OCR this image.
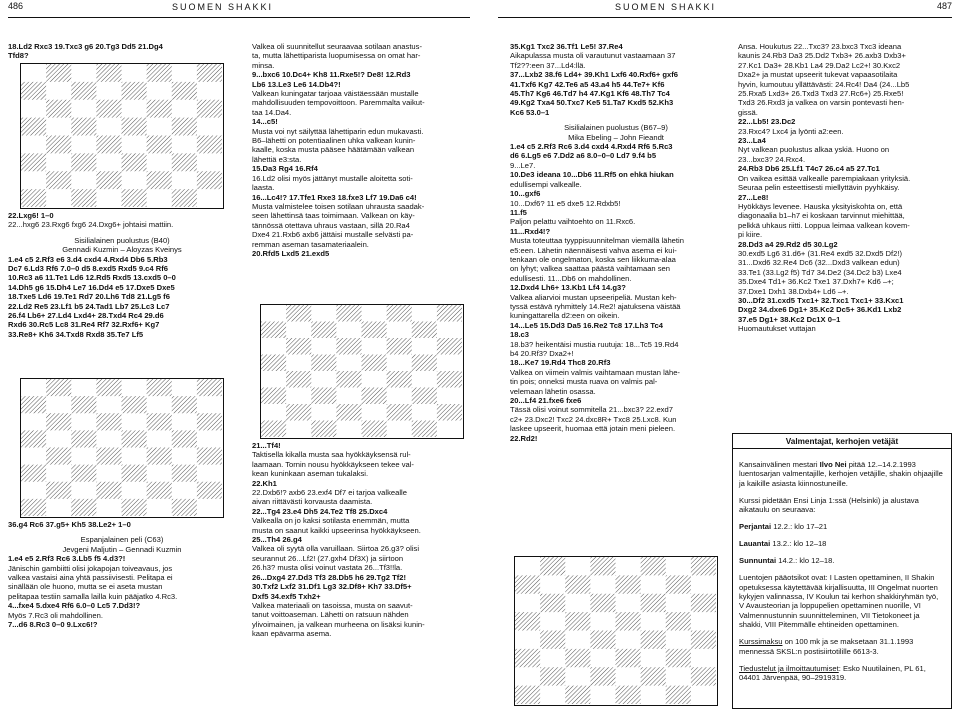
486	SUOMEN SHAKKI	SUOMEN SHAKKI	487

18.Ld2 Rxc3 19.Txc3 g6 20.Tg3 Dd5 21.Dg4

Tfd8?

22.Lxg6! 1–0

22...hxg6 23.Rxg6 fxg6 24.Dxg6+ johtaisi mattiin.

Sisilialainen puolustus (B40)

Gennadi Kuzmin – Aloyzas Kveinys

1.e4 c5 2.Rf3 e6 3.d4 cxd4 4.Rxd4 Db6 5.Rb3

Dc7 6.Ld3 Rf6 7.0–0 d5 8.exd5 Rxd5 9.c4 Rf6

10.Rc3 a6 11.Te1 Ld6 12.Rd5 Rxd5 13.cxd5 0–0

14.Dh5 g6 15.Dh4 Le7 16.Dd4 e5 17.Dxe5 Dxe5

18.Txe5 Ld6 19.Te1 Rd7 20.Lh6 Td8 21.Lg5 f6

22.Ld2 Re5 23.Lf1 b5 24.Tad1 Lb7 25.Lc3 Lc7

26.f4 Lb6+ 27.Ld4 Lxd4+ 28.Txd4 Rc4 29.d6

Rxd6 30.Rc5 Lc8 31.Re4 Rf7 32.Rxf6+ Kg7

33.Re8+ Kh6 34.Txd8 Rxd8 35.Te7 Lf5

36.g4 Rc6 37.g5+ Kh5 38.Le2+ 1–0

Espanjalainen peli (C63)

Jevgeni Maljutin – Gennadi Kuzmin

1.e4 e5 2.Rf3 Rc6 3.Lb5 f5 4.d3?!

Jänischin gambiitti olisi jokapojan toiveavaus, jos

valkea vastaisi aina yhtä passiivisesti. Pelitapa ei

sinällään ole huono, mutta se ei aseta mustan

pelitapaa testiin samalla lailla kuin pääjatko 4.Rc3.

4...fxe4 5.dxe4 Rf6 6.0–0 Lc5 7.Dd3!?

Myös 7.Rc3 oli mahdollinen.

7...d6 8.Rc3 0–0 9.Lxc6!?

Valkea oli suunnitellut seuraavaa sotilaan anastus-

ta, mutta lähettiparista luopumisessa on omat har-

minsa.

9...bxc6 10.Dc4+ Kh8 11.Rxe5!? De8! 12.Rd3

Lb6 13.Le3 Le6 14.Db4?!

Valkean kuningatar tarjoaa väistäessään mustalle

mahdollisuuden tempovoittoon. Paremmalta vaikut-

taa 14.Da4.

14...c5!

Musta voi nyt säilyttää lähettiparin edun mukavasti.

B6–lähetti on potentiaalinen uhka valkean kunin-

kaalle, koska musta pääsee häätämään valkean

lähettiä e3:sta.

15.Da3 Rg4 16.Rf4

16.Ld2 olisi myös jättänyt mustalle aloitetta soti-

laasta.

16...Lc4!? 17.Tfe1 Rxe3 18.fxe3 Lf7 19.Da6 c4!

Musta valmistelee toisen sotilaan uhrausta saadak-

seen lähettinsä taas toimimaan. Valkean on käy-

tännössä otettava uhraus vastaan, sillä 20.Ra4

Dxe4 21.Rxb6 axb6 jättäisi mustalle selvästi pa-

remman aseman tasamateriaalein.

20.Rfd5 Lxd5 21.exd5

21...Tf4!

Taktisella kikalla musta saa hyökkäyksensä rul-

laamaan. Tornin nousu hyökkäykseen tekee val-

kean kuninkaan aseman tukalaksi.

22.Kh1

22.Dxb6!? axb6 23.exf4 Df7 ei tarjoa valkealle

aivan riittävästi korvausta daamista.

22...Tg4 23.e4 Dh5 24.Te2 Tf8 25.Dxc4

Valkealla on jo kaksi sotilasta enemmän, mutta

musta on saanut kaikki upseerinsa hyökkäykseen.

25...Th4 26.g4

Valkea oli syytä olla varuillaan. Siirtoa 26.g3? olisi

seurannut 26...Lf2! (27.gxh4 Df3X) ja siirtoon

26.h3? musta olisi voinut vastata 26...Tf3!!la.

26...Dxg4 27.Dd3 Tf3 28.Db5 h6 29.Tg2 Tf2!

30.Txf2 Lxf2 31.Df1 Lg3 32.Df8+ Kh7 33.Df5+

Dxf5 34.exf5 Txh2+

Valkea materiaali on tasoissa, musta on saavut-

tanut voittoaseman. Lähetti on ratsuun nähden

ylivoimainen, ja valkean murheena on lisäksi kunin-

kaan epävarma asema.

35.Kg1 Txc2 36.Tf1 Le5! 37.Re4

Aikapulassa musta oli varautunut vastaamaan 37

Tf2??:een 37...Ld4:llä.

37...Lxb2 38.f6 Ld4+ 39.Kh1 Lxf6 40.Rxf6+ gxf6

41.Txf6 Kg7 42.Te6 a5 43.a4 h5 44.Te7+ Kf6

45.Th7 Kg6 46.Td7 h4 47.Kg1 Kf6 48.Th7 Tc4

49.Kg2 Txa4 50.Txc7 Ke5 51.Ta7 Kxd5 52.Kh3

Kc6 53.0–1

Sisilialainen puolustus (B67–9)

Mika Ebeling – John Fieandt

1.e4 c5 2.Rf3 Rc6 3.d4 cxd4 4.Rxd4 Rf6 5.Rc3

d6 6.Lg5 e6 7.Dd2 a6 8.0–0–0 Ld7 9.f4 b5

9...Le7.

10.De3 ideana 10...Db6 11.Rf5 on ehkä hiukan

edullisempi valkealle.

10...gxf6

10...Dxf6? 11 e5 dxe5 12.Rdxb5!

11.f5

Paljon pelattu vaihtoehto on 11.Rxc6.

11...Rxd4!?

Musta toteuttaa tyyppisuunnitelman viemällä lähetin

e5:een. Lähetin näennäisesti vahva asema ei kui-

tenkaan ole ongelmaton, koska sen liikkuma-alaa

on lyhyt; valkea saattaa päästä vaihtamaan sen

edullisesti. 11...Db6 on mahdollinen.

12.Dxd4 Lh6+ 13.Kb1 Lf4 14.g3?

Valkea aliarvioi mustan upseeripeliä. Mustan keh-

tyssä estävä ryhmittely 14.Re2! ajatuksena väistää

kuningattarella d2:een on oikein.

14...Le5 15.Dd3 Da5 16.Re2 Tc8 17.Lh3 Tc4

18.c3

18.b3? heikentäisi mustia ruutuja: 18...Tc5 19.Rd4

b4 20.Rf3? Dxa2+!

18...Ke7 19.Rd4 Thc8 20.Rf3

Valkea on viimein valmis vaihtamaan mustan lähe-

tin pois; onneksi musta ruava on valmis pal-

velemaan lähetin osassa.

20...Lf4 21.fxe6 fxe6

Tässä olisi voinut sommitella 21...bxc3? 22.exd7

c2+ 23.Dxc2! Txc2 24.dxc8R+ Txc8 25.Lxc8. Kun

laskee upseerit, huomaa että jotain meni pieleen.

22.Rd2!

Ansa. Houkutus 22...Txc3? 23.bxc3 Txc3 ideana

kaunis 24.Rb3 Da3 25.Dd2 Txb3+ 26.axb3 Dxb3+

27.Kc1 Da3+ 28.Kb1 La4 29.Da2 Lc2+! 30.Kxc2

Dxa2+ ja mustat upseerit tukevat vapaasotilaita

hyvin, kumoutuu yllättävästi: 24.Rc4! Da4 (24...Lb5

25.Rxa5 Lxd3+ 26.Txd3 Txd3 27.Rc6+) 25.Rxe5!

Txd3 26.Rxd3 ja valkea on varsin pontevasti hen-

gissä.

22...Lb5! 23.Dc2

23.Rxc4? Lxc4 ja lyönti a2:een.

23...La4

Nyt valkean puolustus alkaa yskiä. Huono on

23...bxc3? 24.Rxc4.

24.Rb3 Db6 25.Lf1 T4c7 26.c4 a5 27.Tc1

On vaikea esittää valkealle parempiakaan yrityksiä.

Seuraa pelin esteettisesti miellyttävin pyyhkäisy.

27...Le8!

Hyökkäys levenee. Hauska yksityiskohta on, että

diagonaalia b1–h7 ei koskaan tarvinnut miehittää,

pelkkä uhkaus riitti. Loppua leimaa valkean kovem-

pi kiire.

28.Dd3 a4 29.Rd2 d5 30.Lg2

30.exd5 Lg6 31.d6+ (31.Re4 exd5 32.Dxd5 Df2!)

31...Dxd6 32.Re4 Dc6 (32...Dxd3 valkean edun)

33.Te1 (33.Lg2 f5) Td7 34.De2 (34.Dc2 b3) Lxe4

35.Dxe4 Td1+ 36.Kc2 Txe1 37.Dxh7+ Kd6 –+;

37.Dxe1 Dxh1 38.Dxb4+ Ld6 –+.

30...Df2 31.cxd5 Txc1+ 32.Txc1 Txc1+ 33.Kxc1

Dxg2 34.dxe6 Dg1+ 35.Kc2 Dc5+ 36.Kd1 Lxb2

37.e5 Dg1+ 38.Kc2 Dc1X 0–1

Huomautukset vuttajan

Valmentajat, kerhojen vetäjät

Kansainvälinen mestari Ilvo Nei pitää 12.–14.2.1993 luentosarjan valmentajille, kerhojen vetäjille, shakin ohjaajille ja kaikille asiasta kiinnostuneille.

Kurssi pidetään Ensi Linja 1:ssä (Helsinki) ja alustava aikataulu on seuraava:

Perjantai 12.2.: klo 17–21

Lauantai 13.2.: klo 12–18

Sunnuntai 14.2.: klo 12–18.

Luentojen pääotsikot ovat: I Lasten opettaminen, II Shakin opetuksessa käytettävää kirjallisuutta, III Ongelmat nuorten kykyjen valinnassa, IV Koulun tai kerhon shakkiryhmän työ, V Avausteorian ja loppupelien opettaminen nuorille, VI Valmennustunnin suunnitteleminen, VII Tietokoneet ja shakki, VIII Pitemmälle ehtineiden opettaminen.

Kurssimaksu on 100 mk ja se maksetaan 31.1.1993 mennessä SKSL:n postisiirtotilille 6613-3.

Tiedustelut ja ilmoittautumiset: Esko Nuutilainen, PL 61, 04401 Järvenpää, 90–2919319.
